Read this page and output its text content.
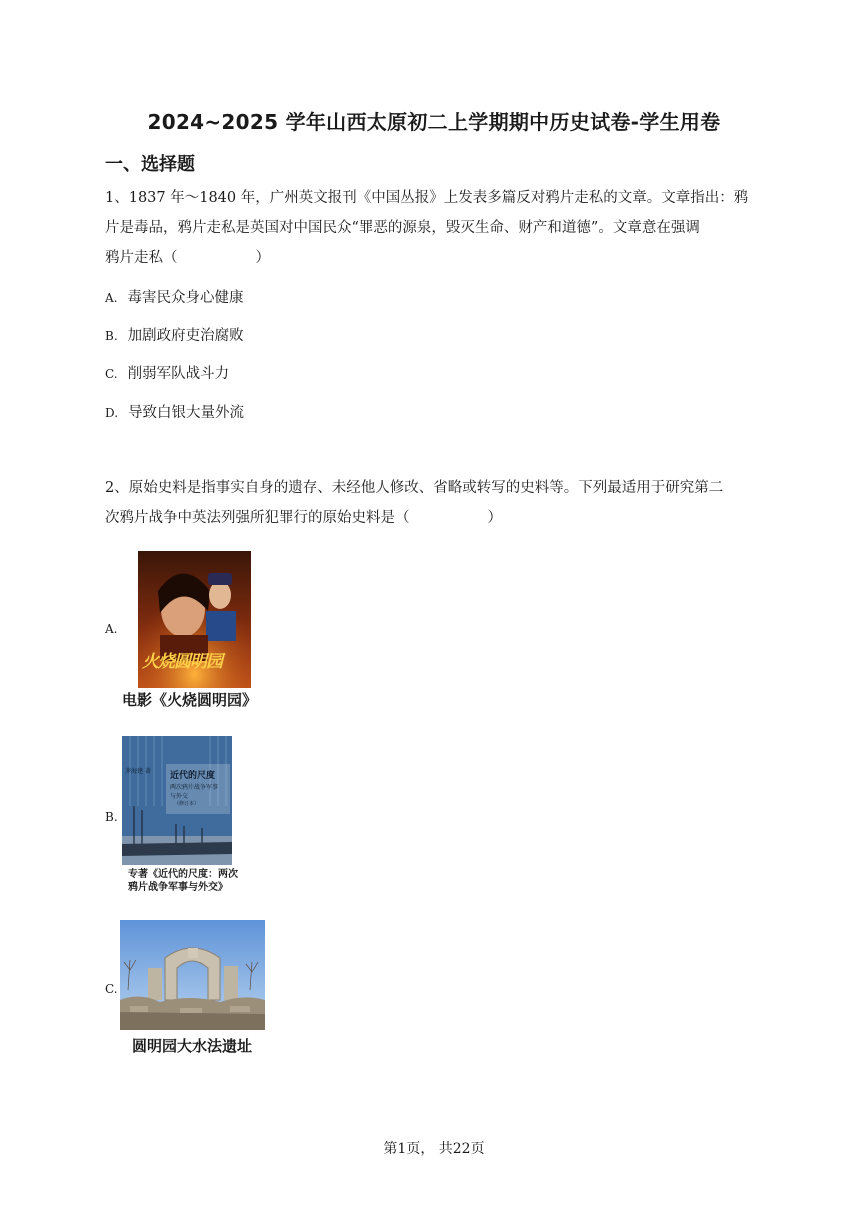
2024~2025 学年山西太原初二上学期期中历史试卷-学生用卷
一、选择题
1、1837 年～1840 年，广州英文报刊《中国丛报》上发表多篇反对鸦片走私的文章。文章指出：鸦
片是毒品，鸦片走私是英国对中国民众“罪恶的源泉，毁灭生命、财产和道德”。文章意在强调
鸦片走私（	）
A. 毒害民众身心健康
B. 加剧政府吏治腐败
C. 削弱军队战斗力
D. 导致白银大量外流
2、原始史料是指事实自身的遗存、未经他人修改、省略或转写的史料等。下列最适用于研究第二
次鸦片战争中英法列强所犯罪行的原始史料是（	）
A.
火烧圆明园
电影《火烧圆明园》
B.
茅海建 著 近代的尺度
两次鸦片战争军事
与外交
（修订本）
专著《近代的尺度：两次
鸦片战争军事与外交》
C.
圆明园大水法遗址
第1页， 共22页
